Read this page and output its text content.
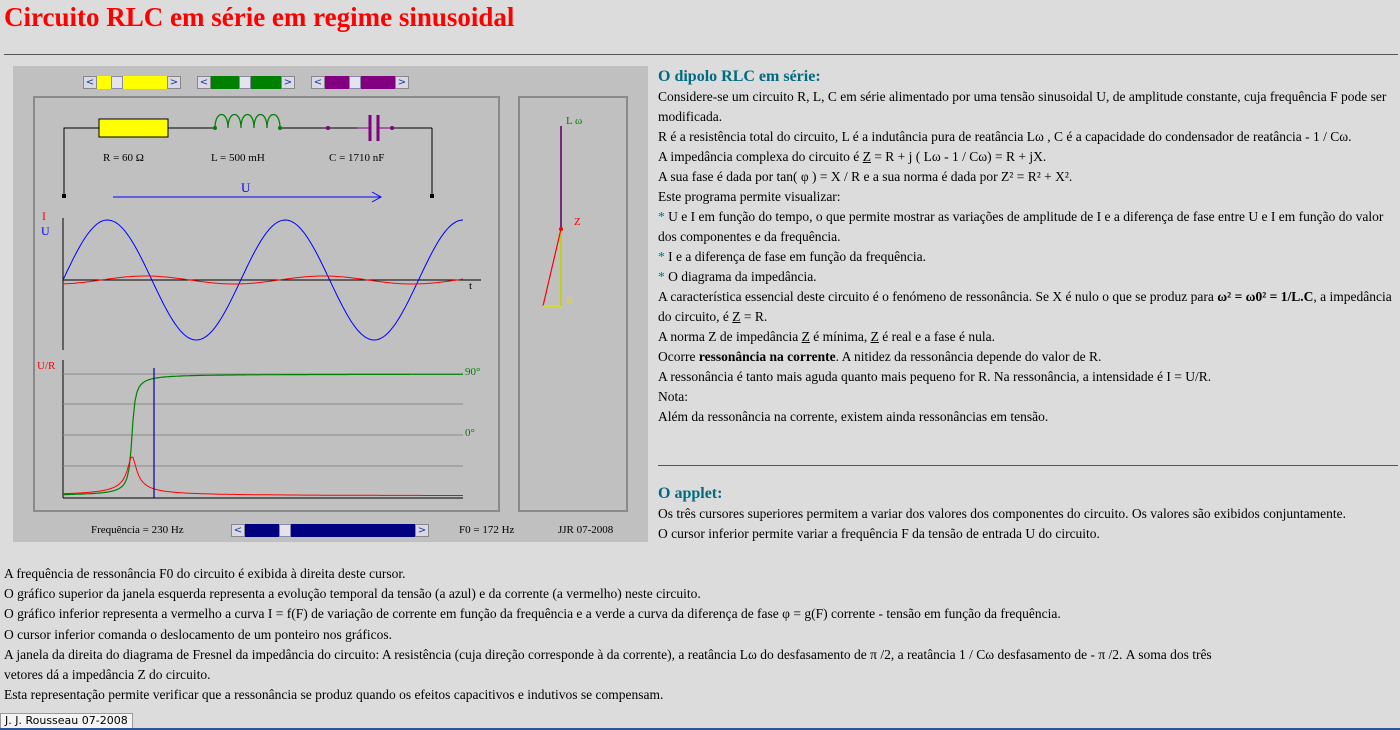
Circuito RLC em série em regime sinusoidal
<	> <	> <	>
R = 60 Ω	L = 500 mH	C = 1710 nF
U
I
U
t
U/R	90°
0°
L ω
Z
R
Frequência = 230 Hz	<	>	F0 = 172 Hz	JJR 07-2008
O dipolo RLC em série:
Considere-se um circuito R, L, C em série alimentado por uma tensão sinusoidal U, de amplitude constante, cuja frequência F pode ser modificada.
R é a resistência total do circuito, L é a indutância pura de reatância Lω , C é a capacidade do condensador de reatância - 1 / Cω.
A impedância complexa do circuito é Z = R + j ( Lω - 1 / Cω) = R + jX.
A sua fase é dada por tan( φ ) = X / R e a sua norma é dada por Z² = R² + X².
Este programa permite visualizar:
* U e I em função do tempo, o que permite mostrar as variações de amplitude de I e a diferença de fase entre U e I em função do valor dos componentes e da frequência.
* I e a diferença de fase em função da frequência.
* O diagrama da impedância.
A característica essencial deste circuito é o fenómeno de ressonância. Se X é nulo o que se produz para ω² = ω0² = 1/L.C, a impedância do circuito, é Z = R.
A norma Z de impedância Z é mínima, Z é real e a fase é nula.
Ocorre ressonância na corrente. A nitidez da ressonância depende do valor de R.
A ressonância é tanto mais aguda quanto mais pequeno for R. Na ressonância, a intensidade é I = U/R.
Nota:
Além da ressonância na corrente, existem ainda ressonâncias em tensão.
O applet:
Os três cursores superiores permitem a variar dos valores dos componentes do circuito. Os valores são exibidos conjuntamente.
O cursor inferior permite variar a frequência F da tensão de entrada U do circuito.
A frequência de ressonância F0 do circuito é exibida à direita deste cursor.
O gráfico superior da janela esquerda representa a evolução temporal da tensão (a azul) e da corrente (a vermelho) neste circuito.
O gráfico inferior representa a vermelho a curva I = f(F) de variação de corrente em função da frequência e a verde a curva da diferença de fase φ = g(F) corrente - tensão em função da frequência.
O cursor inferior comanda o deslocamento de um ponteiro nos gráficos.
A janela da direita do diagrama de Fresnel da impedância do circuito: A resistência (cuja direção corresponde à da corrente), a reatância Lω do desfasamento de π /2, a reatância 1 / Cω desfasamento de - π /2. A soma dos três
vetores dá a impedância Z do circuito.
Esta representação permite verificar que a ressonância se produz quando os efeitos capacitivos e indutivos se compensam.
J. J. Rousseau 07-2008
